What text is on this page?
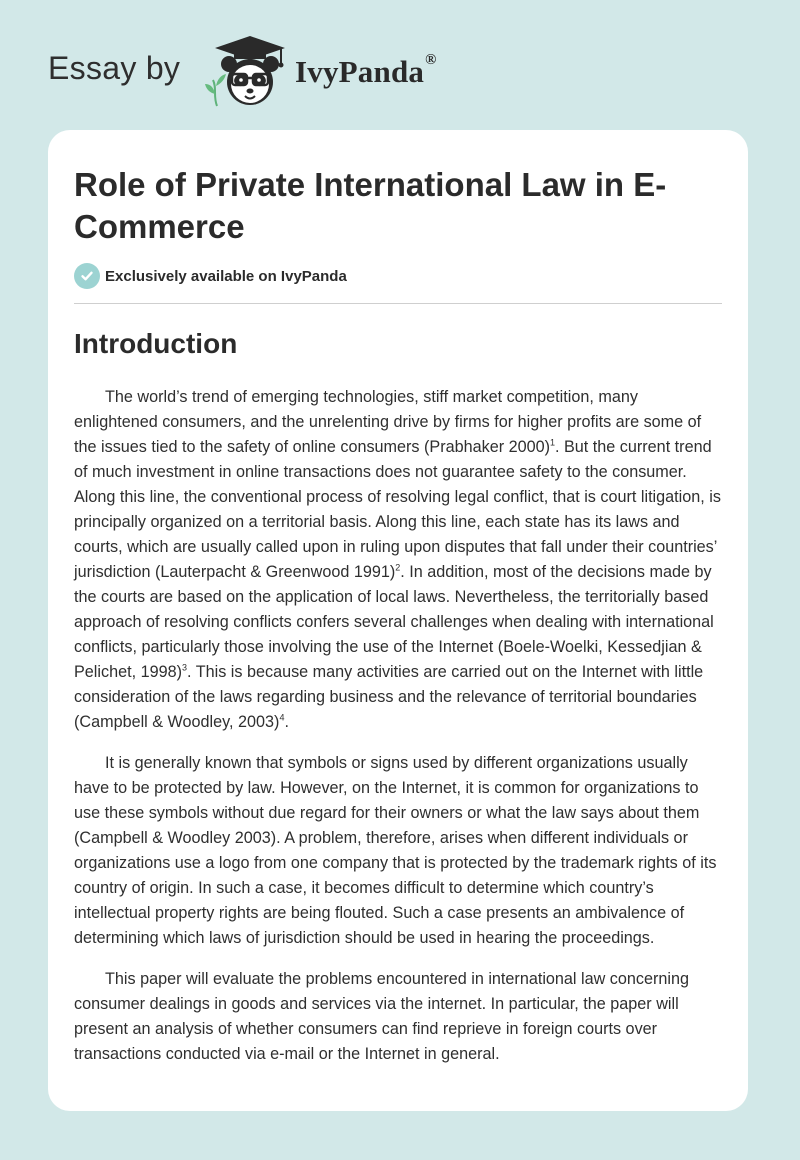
Essay by	IvyPanda®
Role of Private International Law in E-Commerce
Exclusively available on IvyPanda
Introduction

The world’s trend of emerging technologies, stiff market competition, many enlightened consumers, and the unrelenting drive by firms for higher profits are some of the issues tied to the safety of online consumers (Prabhaker 2000)$^1$. But the current trend of much investment in online transactions does not guarantee safety to the consumer. Along this line, the conventional process of resolving legal conflict, that is court litigation, is principally organized on a territorial basis. Along this line, each state has its laws and courts, which are usually called upon in ruling upon disputes that fall under their countries’ jurisdiction (Lauterpacht & Greenwood 1991)$^2$. In addition, most of the decisions made by the courts are based on the application of local laws. Nevertheless, the territorially based approach of resolving conflicts confers several challenges when dealing with international conflicts, particularly those involving the use of the Internet (Boele-Woelki, Kessedjian & Pelichet, 1998)$^3$. This is because many activities are carried out on the Internet with little consideration of the laws regarding business and the relevance of territorial boundaries (Campbell & Woodley, 2003)$^4$.

It is generally known that symbols or signs used by different organizations usually have to be protected by law. However, on the Internet, it is common for organizations to use these symbols without due regard for their owners or what the law says about them (Campbell & Woodley 2003). A problem, therefore, arises when different individuals or organizations use a logo from one company that is protected by the trademark rights of its country of origin. In such a case, it becomes difficult to determine which country’s intellectual property rights are being flouted. Such a case presents an ambivalence of determining which laws of jurisdiction should be used in hearing the proceedings.

This paper will evaluate the problems encountered in international law concerning consumer dealings in goods and services via the internet. In particular, the paper will present an analysis of whether consumers can find reprieve in foreign courts over transactions conducted via e-mail or the Internet in general.
